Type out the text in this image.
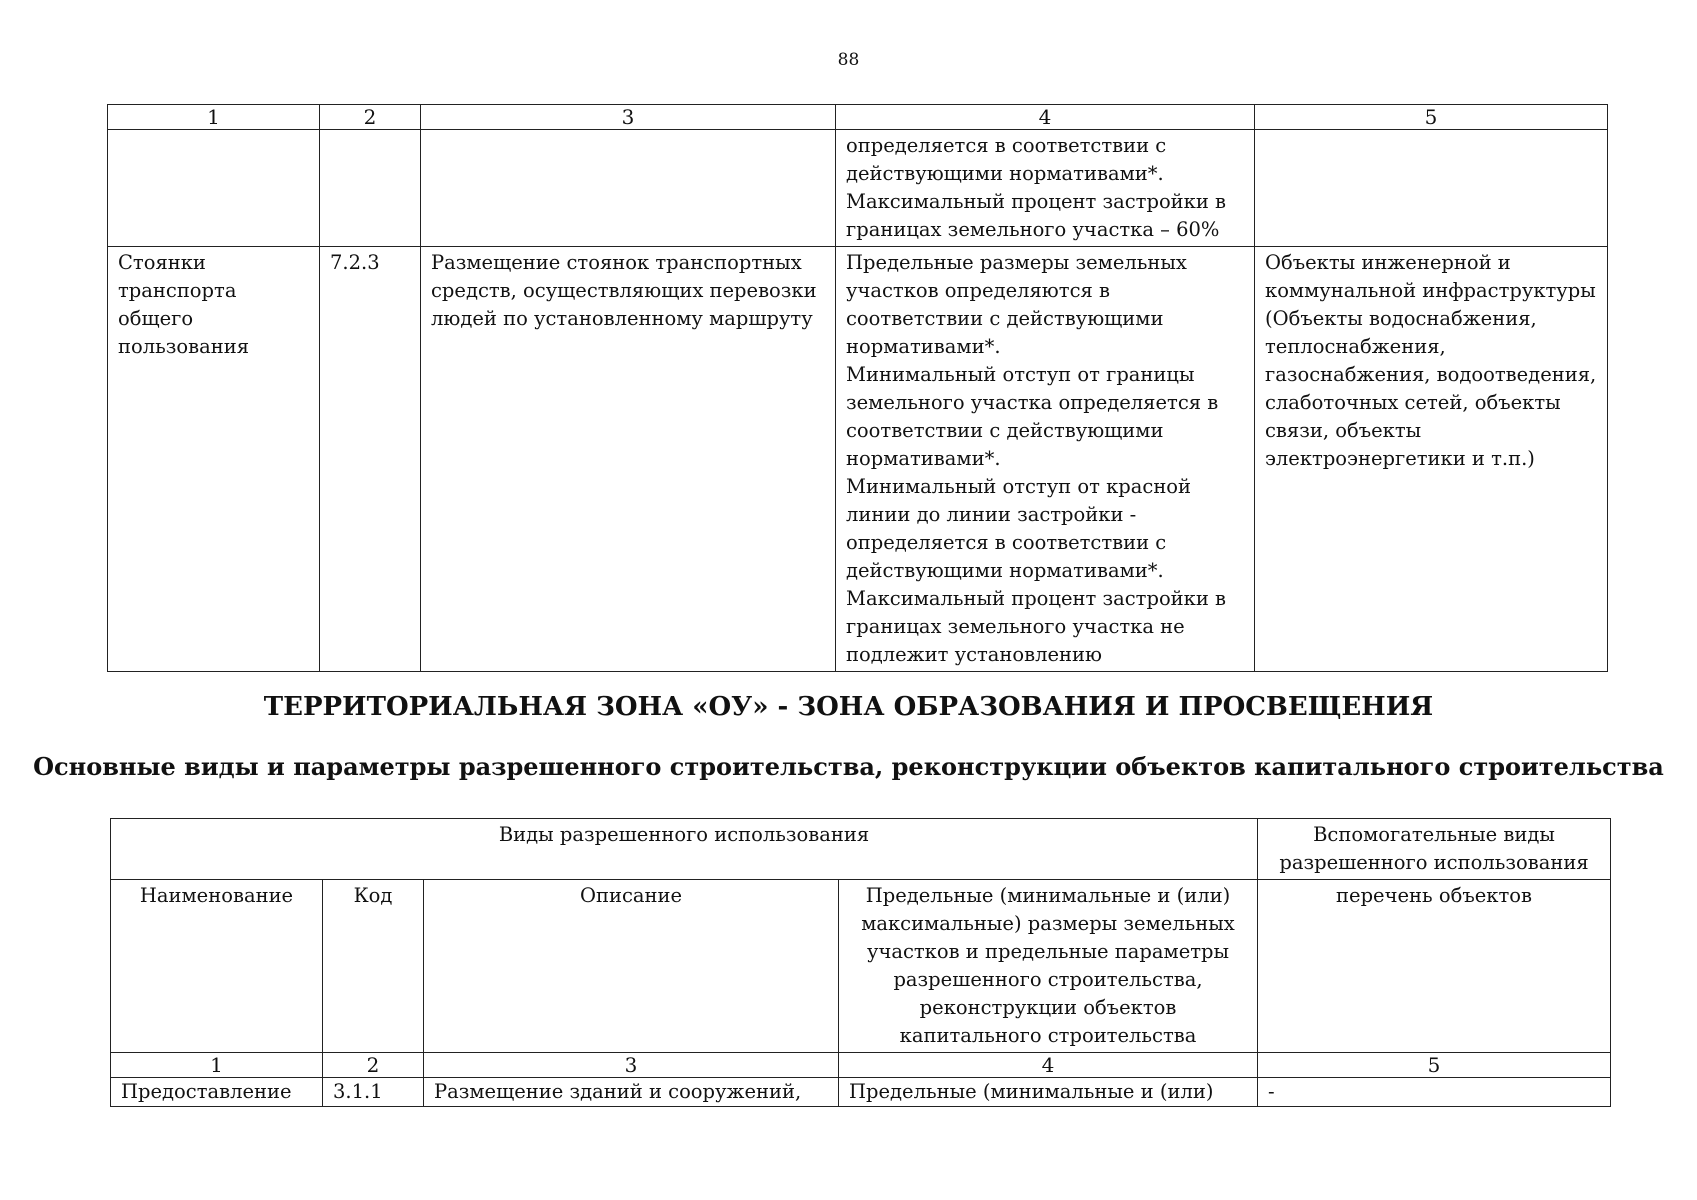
88
1	2	3	4	5
			определяется в соответствии с действующими нормативами*.
Максимальный процент застройки в границах земельного участка – 60%	
Стоянки транспорта общего пользования	7.2.3	Размещение стоянок транспортных средств, осуществляющих перевозки людей по установленному маршруту	Предельные размеры земельных участков определяются в соответствии с действующими нормативами*.
Минимальный отступ от границы земельного участка определяется в соответствии с действующими нормативами*.
Минимальный отступ от красной линии до линии застройки - определяется в соответствии с действующими нормативами*.
Максимальный процент застройки в границах земельного участка не подлежит установлению	Объекты инженерной и коммунальной инфраструктуры (Объекты водоснабжения, теплоснабжения, газоснабжения, водоотведения, слаботочных сетей, объекты связи, объекты электроэнергетики и т.п.)
ТЕРРИТОРИАЛЬНАЯ ЗОНА «ОУ» - ЗОНА ОБРАЗОВАНИЯ И ПРОСВЕЩЕНИЯ
Основные виды и параметры разрешенного строительства, реконструкции объектов капитального строительства
Виды разрешенного использования				Вспомогательные виды разрешенного использования
Наименование	Код	Описание	Предельные (минимальные и (или) максимальные) размеры земельных участков и предельные параметры разрешенного строительства, реконструкции объектов капитального строительства	перечень объектов
1	2	3	4	5
Предоставление	3.1.1	Размещение зданий и сооружений,	Предельные (минимальные и (или)	-
